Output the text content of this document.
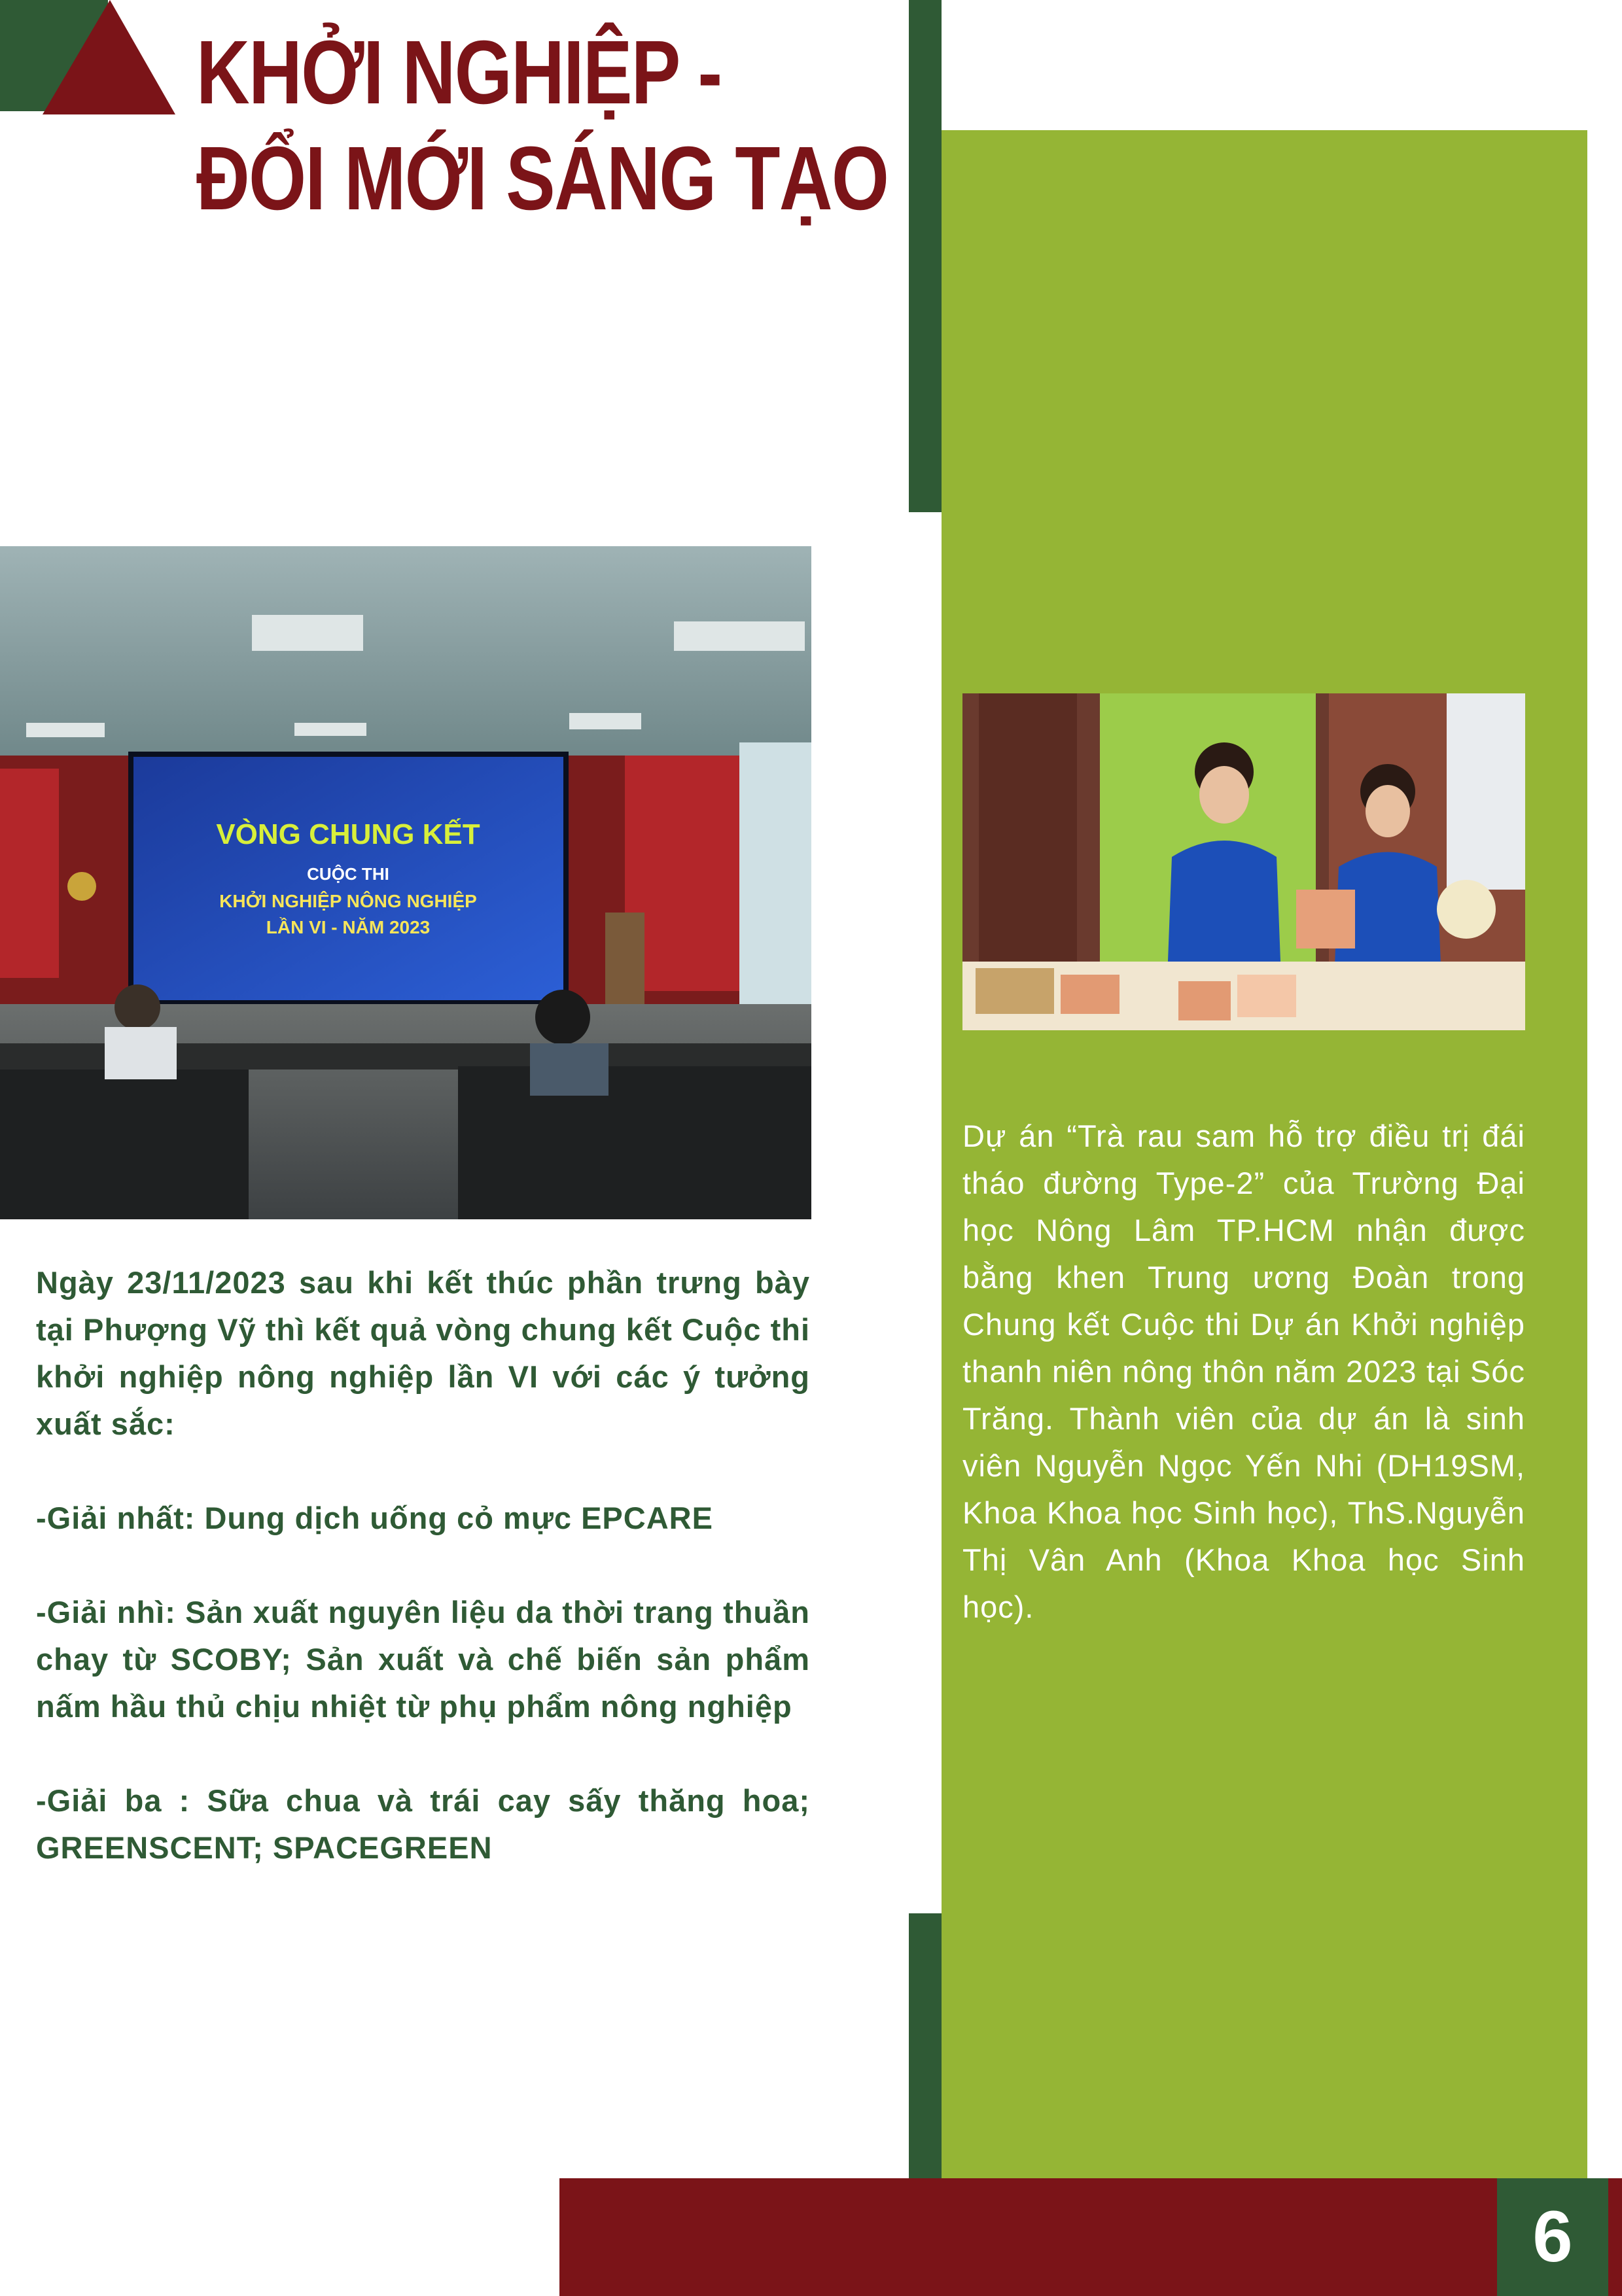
KHỞI NGHIỆP -
ĐỔI MỚI SÁNG TẠO
VÒNG CHUNG KẾT
CUỘC THI
KHỞI NGHIỆP NÔNG NGHIỆP
LẦN VI - NĂM 2023

Ngày 23/11/2023 sau khi kết thúc phần trưng bày tại Phượng Vỹ thì kết quả vòng chung kết Cuộc thi khởi nghiệp nông nghiệp lần VI với các ý tưởng xuất sắc:

-Giải nhất: Dung dịch uống cỏ mực EPCARE

-Giải nhì: Sản xuất nguyên liệu da thời trang thuần chay từ SCOBY; Sản xuất và chế biến sản phẩm nấm hầu thủ chịu nhiệt từ phụ phẩm nông nghiệp

-Giải ba : Sữa chua và trái cay sấy thăng hoa; GREENSCENT; SPACEGREEN

Dự án “Trà rau sam hỗ trợ điều trị đái tháo đường Type-2” của Trường Đại học Nông Lâm TP.HCM nhận được bằng khen Trung ương Đoàn trong Chung kết Cuộc thi Dự án Khởi nghiệp thanh niên nông thôn năm 2023 tại Sóc Trăng. Thành viên của dự án là sinh viên Nguyễn Ngọc Yến Nhi (DH19SM, Khoa Khoa học Sinh học), ThS.Nguyễn Thị Vân Anh (Khoa Khoa học Sinh học).

6
